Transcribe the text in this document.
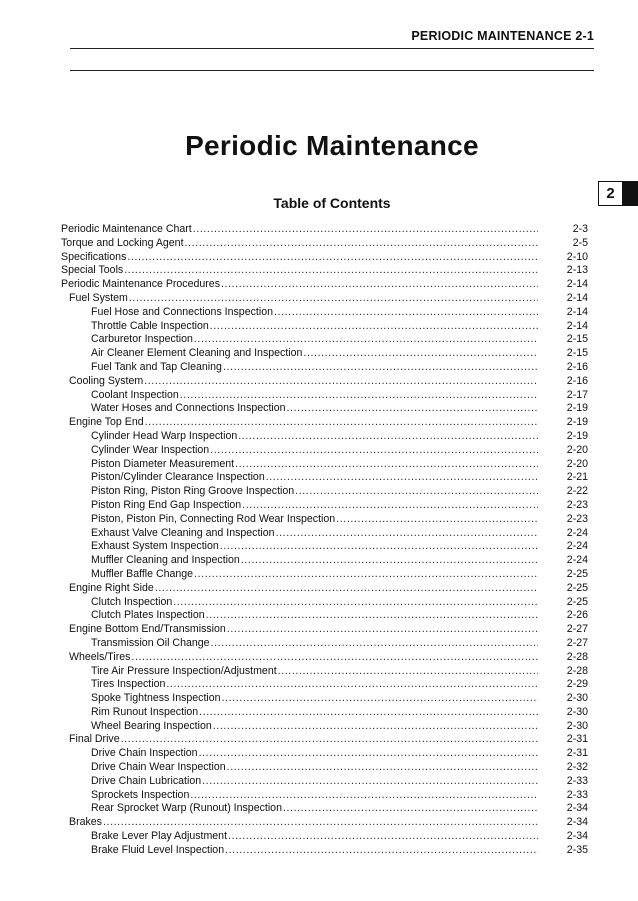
PERIODIC MAINTENANCE 2-1
Periodic Maintenance
Table of Contents
2
Periodic Maintenance Chart .....	2-3
Torque and Locking Agent .....	2-5
Specifications .....	2-10
Special Tools .....	2-13
Periodic Maintenance Procedures .....	2-14
Fuel System .....	2-14
Fuel Hose and Connections Inspection .....	2-14
Throttle Cable Inspection .....	2-14
Carburetor Inspection .....	2-15
Air Cleaner Element Cleaning and Inspection .....	2-15
Fuel Tank and Tap Cleaning .....	2-16
Cooling System .....	2-16
Coolant Inspection .....	2-17
Water Hoses and Connections Inspection .....	2-19
Engine Top End .....	2-19
Cylinder Head Warp Inspection .....	2-19
Cylinder Wear Inspection .....	2-20
Piston Diameter Measurement .....	2-20
Piston/Cylinder Clearance Inspection .....	2-21
Piston Ring, Piston Ring Groove Inspection .....	2-22
Piston Ring End Gap Inspection .....	2-23
Piston, Piston Pin, Connecting Rod Wear Inspection .....	2-23
Exhaust Valve Cleaning and Inspection .....	2-24
Exhaust System Inspection .....	2-24
Muffler Cleaning and Inspection .....	2-24
Muffler Baffle Change .....	2-25
Engine Right Side .....	2-25
Clutch Inspection .....	2-25
Clutch Plates Inspection .....	2-26
Engine Bottom End/Transmission .....	2-27
Transmission Oil Change .....	2-27
Wheels/Tires .....	2-28
Tire Air Pressure Inspection/Adjustment .....	2-28
Tires Inspection .....	2-29
Spoke Tightness Inspection .....	2-30
Rim Runout Inspection .....	2-30
Wheel Bearing Inspection .....	2-30
Final Drive .....	2-31
Drive Chain Inspection .....	2-31
Drive Chain Wear Inspection .....	2-32
Drive Chain Lubrication .....	2-33
Sprockets Inspection .....	2-33
Rear Sprocket Warp (Runout) Inspection .....	2-34
Brakes .....	2-34
Brake Lever Play Adjustment .....	2-34
Brake Fluid Level Inspection .....	2-35
